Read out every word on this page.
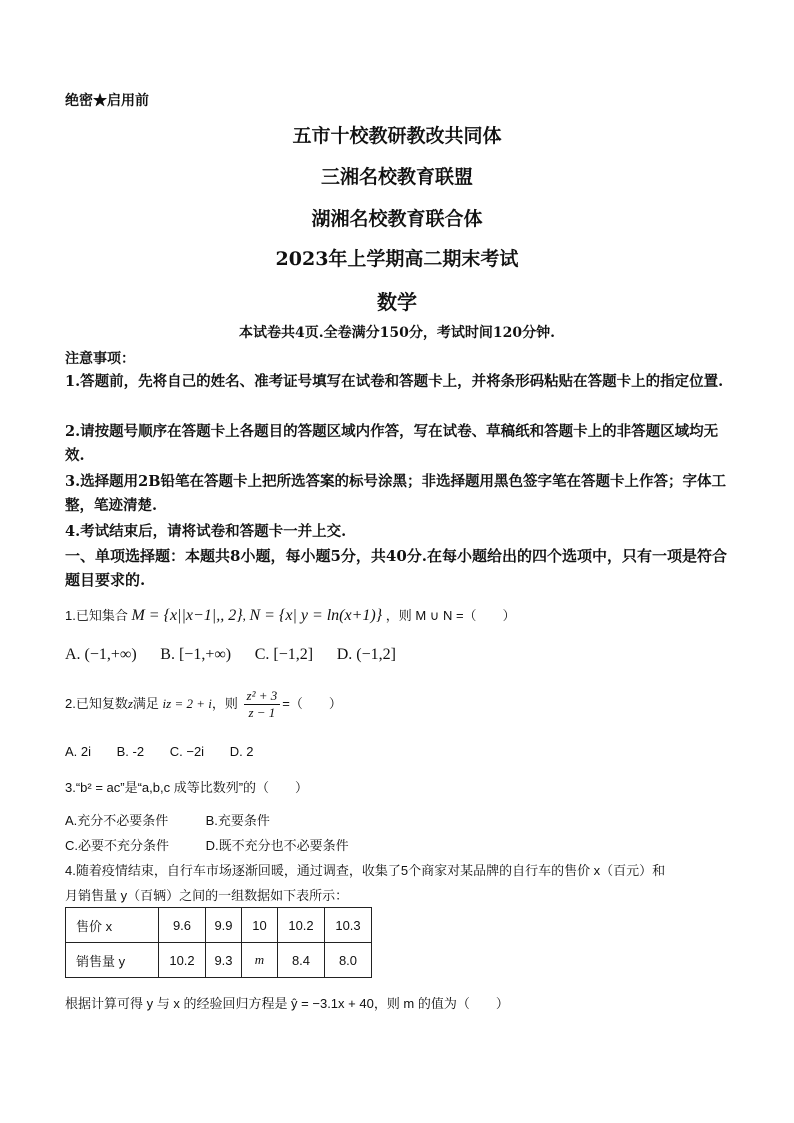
绝密★启用前
五市十校教研教改共同体
三湘名校教育联盟
湖湘名校教育联合体
2023年上学期高二期末考试
数学
本试卷共4页.全卷满分150分，考试时间120分钟.
注意事项：
1.答题前，先将自己的姓名、准考证号填写在试卷和答题卡上，并将条形码粘贴在答题卡上的指定位置.
2.请按题号顺序在答题卡上各题目的答题区域内作答，写在试卷、草稿纸和答题卡上的非答题区域均无效.
3.选择题用2B铅笔在答题卡上把所选答案的标号涂黑；非选择题用黑色签字笔在答题卡上作答；字体工整，笔迹清楚.
4.考试结束后，请将试卷和答题卡一并上交.
一、单项选择题：本题共8小题，每小题5分，共40分.在每小题给出的四个选项中，只有一项是符合题目要求的.
1.已知集合 M = {x||x−1|,, 2}, N = {x| y = ln(x+1)} ，则 M ∪ N =（　　）
A. (−1,+∞) B. [−1,+∞) C. [−1,2] D. (−1,2]
2.已知复数z满足 iz = 2 + i，则 $\frac{\text{z² + 3}}{z - 1}$ =（　　）
A. 2i B. -2 C. −2i D. 2
3.“b² = ac”是“a,b,c 成等比数列”的（　　）
A.充分不必要条件	B.充要条件
C.必要不充分条件	D.既不充分也不必要条件
4.随着疫情结束，自行车市场逐渐回暖，通过调查，收集了5个商家对某品牌的自行车的售价 x（百元）和
月销售量 y（百辆）之间的一组数据如下表所示：
售价 x	9.6	9.9	10	10.2	10.3
销售量 y	10.2	9.3	m	8.4	8.0
根据计算可得 y 与 x 的经验回归方程是 ŷ = −3.1x + 40，则 m 的值为（　　）
